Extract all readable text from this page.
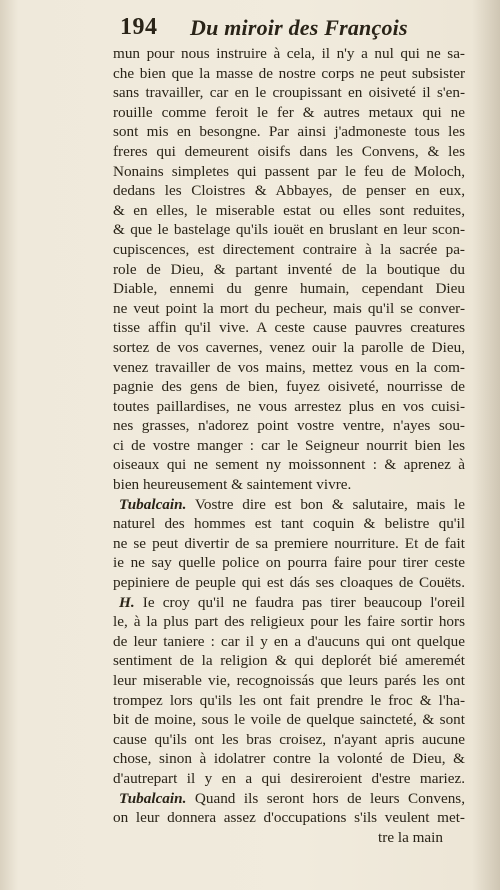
194 Du miroir des François
mun pour nous instruire à cela, il n'y a nul qui ne sa-
che bien que la masse de nostre corps ne peut subsister
sans travailler, car en le croupissant en oisiveté il s'en-
rouille comme feroit le fer & autres metaux qui ne
sont mis en besongne. Par ainsi j'admoneste tous les
freres qui demeurent oisifs dans les Convens, & les
Nonains simpletes qui passent par le feu de Moloch,
dedans les Cloistres & Abbayes, de penser en eux,
& en elles, le miserable estat ou elles sont reduites,
& que le bastelage qu'ils iouët en bruslant en leur scon-
cupiscences, est directement contraire à la sacrée pa-
role de Dieu, & partant inventé de la boutique du
Diable, ennemi du genre humain, cependant Dieu
ne veut point la mort du pecheur, mais qu'il se conver-
tisse affin qu'il vive. A ceste cause pauvres creatures
sortez de vos cavernes, venez ouir la parolle de Dieu,
venez travailler de vos mains, mettez vous en la com-
pagnie des gens de bien, fuyez oisiveté, nourrisse de
toutes paillardises, ne vous arrestez plus en vos cuisi-
nes grasses, n'adorez point vostre ventre, n'ayes sou-
ci de vostre manger : car le Seigneur nourrit bien les
oiseaux qui ne sement ny moissonnent : & aprenez à
bien heureusement & saintement vivre.
Tubalcain. Vostre dire est bon & salutaire, mais le
naturel des hommes est tant coquin & belistre qu'il
ne se peut divertir de sa premiere nourriture. Et de fait
ie ne say quelle police on pourra faire pour tirer ceste
pepiniere de peuple qui est dás ses cloaques de Couëts.
H. Ie croy qu'il ne faudra pas tirer beaucoup l'oreil
le, à la plus part des religieux pour les faire sortir hors
de leur taniere : car il y en a d'aucuns qui ont quelque
sentiment de la religion & qui deplorét bié ameremét
leur miserable vie, recognoissás que leurs parés les ont
trompez lors qu'ils les ont fait prendre le froc & l'ha-
bit de moine, sous le voile de quelque saincteté, & sont
cause qu'ils ont les bras croisez, n'ayant apris aucune
chose, sinon à idolatrer contre la volonté de Dieu, &
d'autrepart il y en a qui desireroient d'estre mariez.
Tubalcain. Quand ils seront hors de leurs Convens,
on leur donnera assez d'occupations s'ils veulent met-
tre la main
